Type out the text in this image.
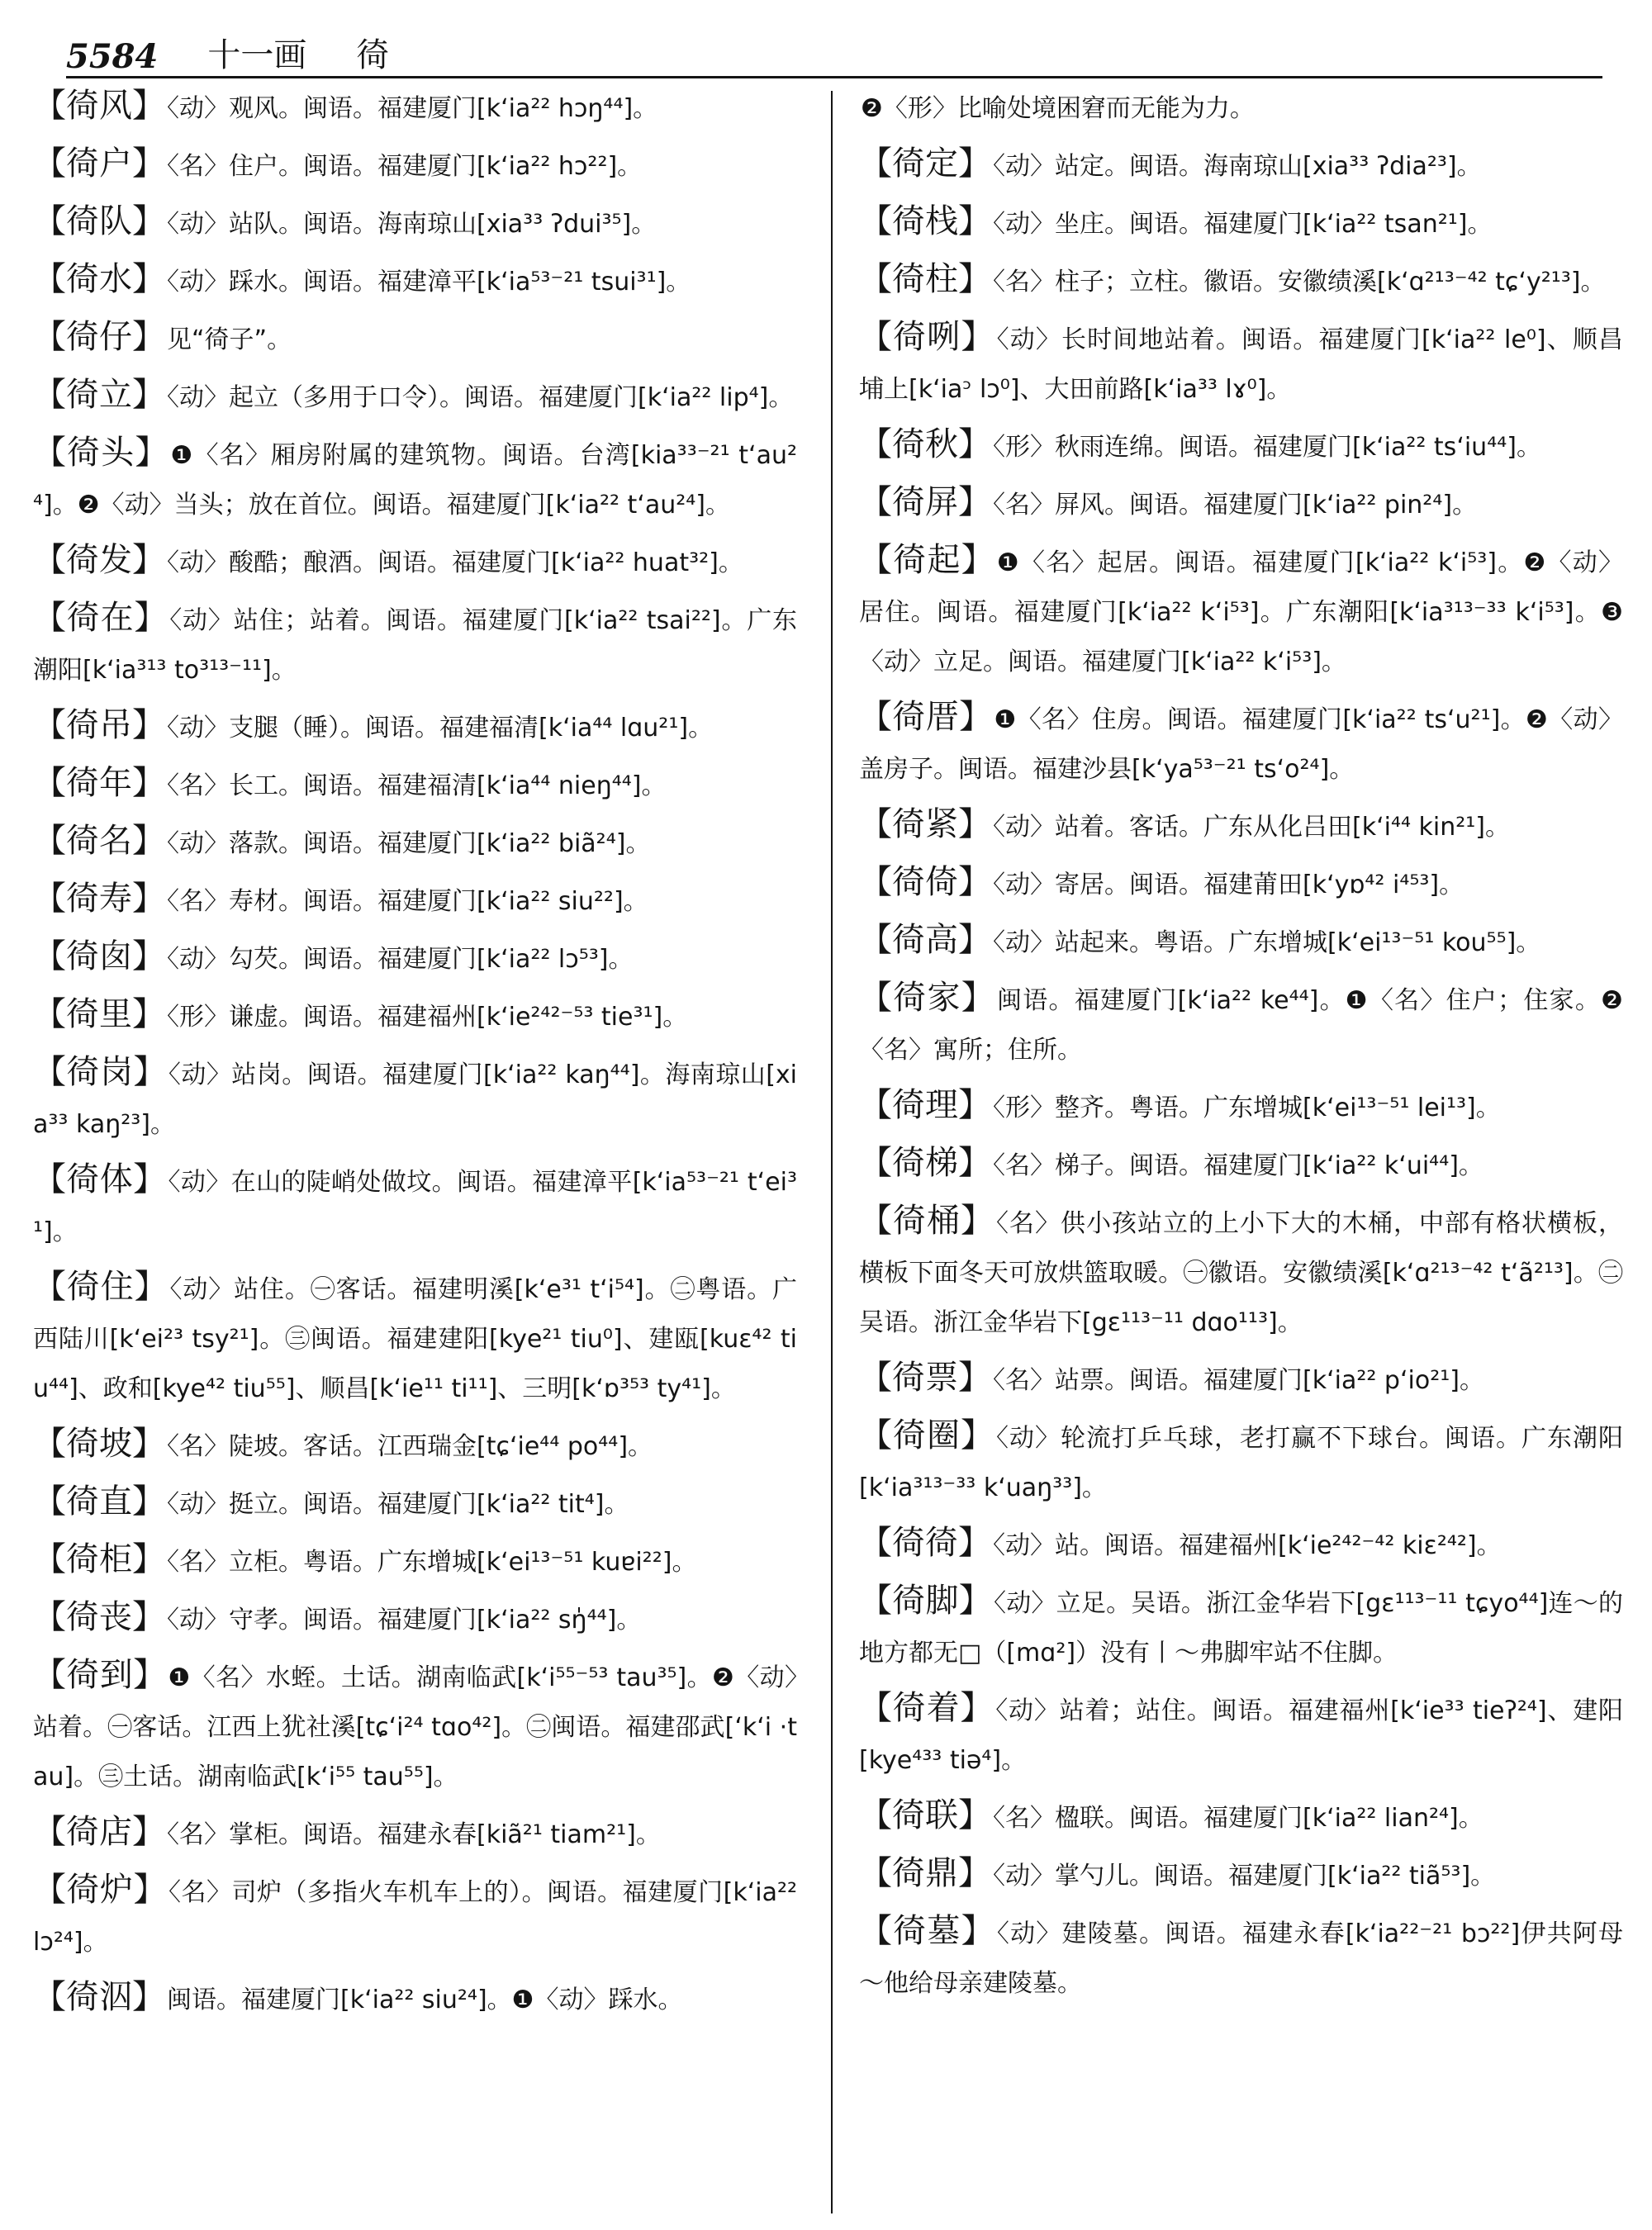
5584 十一画 徛

【徛风】〈动〉观风。闽语。福建厦门[k‘ia²² hɔŋ⁴⁴]。

【徛户】〈名〉住户。闽语。福建厦门[k‘ia²² hɔ²²]。

【徛队】〈动〉站队。闽语。海南琼山[xia³³ ʔdui³⁵]。

【徛水】〈动〉踩水。闽语。福建漳平[k‘ia⁵³⁻²¹ tsui³¹]。

【徛仔】见“徛子”。

【徛立】〈动〉起立（多用于口令）。闽语。福建厦门[k‘ia²² lip⁴]。

【徛头】❶〈名〉厢房附属的建筑物。闽语。台湾[kia³³⁻²¹ t‘au²⁴]。❷〈动〉当头；放在首位。闽语。福建厦门[k‘ia²² t‘au²⁴]。

【徛发】〈动〉酸酷；酿酒。闽语。福建厦门[k‘ia²² huat³²]。

【徛在】〈动〉站住；站着。闽语。福建厦门[k‘ia²² tsai²²]。广东潮阳[k‘ia³¹³ to³¹³⁻¹¹]。

【徛吊】〈动〉支腿（睡）。闽语。福建福清[k‘ia⁴⁴ lɑu²¹]。

【徛年】〈名〉长工。闽语。福建福清[k‘ia⁴⁴ nieŋ⁴⁴]。

【徛名】〈动〉落款。闽语。福建厦门[k‘ia²² biã²⁴]。

【徛寿】〈名〉寿材。闽语。福建厦门[k‘ia²² siu²²]。

【徛囱】〈动〉勾芡。闽语。福建厦门[k‘ia²² lɔ⁵³]。

【徛里】〈形〉谦虚。闽语。福建福州[k‘ie²⁴²⁻⁵³ tie³¹]。

【徛岗】〈动〉站岗。闽语。福建厦门[k‘ia²² kaŋ⁴⁴]。海南琼山[xia³³ kaŋ²³]。

【徛体】〈动〉在山的陡峭处做坟。闽语。福建漳平[k‘ia⁵³⁻²¹ t‘ei³¹]。

【徛住】〈动〉站住。㊀客话。福建明溪[k‘e³¹ t‘i⁵⁴]。㊁粤语。广西陆川[k‘ei²³ tsy²¹]。㊂闽语。福建建阳[kye²¹ tiu⁰]、建瓯[kuɛ⁴² tiu⁴⁴]、政和[kye⁴² tiu⁵⁵]、顺昌[k‘ie¹¹ ti¹¹]、三明[k‘ɒ³⁵³ ty⁴¹]。

【徛坡】〈名〉陡坡。客话。江西瑞金[tɕ‘ie⁴⁴ po⁴⁴]。

【徛直】〈动〉挺立。闽语。福建厦门[k‘ia²² tit⁴]。

【徛柜】〈名〉立柜。粤语。广东增城[k‘ei¹³⁻⁵¹ kuɐi²²]。

【徛丧】〈动〉守孝。闽语。福建厦门[k‘ia²² sŋ̍⁴⁴]。

【徛到】❶〈名〉水蛭。土话。湖南临武[k‘i⁵⁵⁻⁵³ tau³⁵]。❷〈动〉站着。㊀客话。江西上犹社溪[tɕ‘i²⁴ tɑo⁴²]。㊁闽语。福建邵武[‘k‘i ·tau]。㊂土话。湖南临武[k‘i⁵⁵ tau⁵⁵]。

【徛店】〈名〉掌柜。闽语。福建永春[kiã²¹ tiam²¹]。

【徛炉】〈名〉司炉（多指火车机车上的）。闽语。福建厦门[k‘ia²² lɔ²⁴]。

【徛泅】闽语。福建厦门[k‘ia²² siu²⁴]。❶〈动〉踩水。

❷〈形〉比喻处境困窘而无能为力。

【徛定】〈动〉站定。闽语。海南琼山[xia³³ ʔdia²³]。

【徛栈】〈动〉坐庄。闽语。福建厦门[k‘ia²² tsan²¹]。

【徛柱】〈名〉柱子；立柱。徽语。安徽绩溪[k‘ɑ²¹³⁻⁴² tɕ‘y²¹³]。

【徛咧】〈动〉长时间地站着。闽语。福建厦门[k‘ia²² le⁰]、顺昌埔上[k‘iaᵓ lɔ⁰]、大田前路[k‘ia³³ lɤ⁰]。

【徛秋】〈形〉秋雨连绵。闽语。福建厦门[k‘ia²² ts‘iu⁴⁴]。

【徛屏】〈名〉屏风。闽语。福建厦门[k‘ia²² pin²⁴]。

【徛起】❶〈名〉起居。闽语。福建厦门[k‘ia²² k‘i⁵³]。❷〈动〉居住。闽语。福建厦门[k‘ia²² k‘i⁵³]。广东潮阳[k‘ia³¹³⁻³³ k‘i⁵³]。❸〈动〉立足。闽语。福建厦门[k‘ia²² k‘i⁵³]。

【徛厝】❶〈名〉住房。闽语。福建厦门[k‘ia²² ts‘u²¹]。❷〈动〉盖房子。闽语。福建沙县[k‘ya⁵³⁻²¹ ts‘o²⁴]。

【徛紧】〈动〉站着。客话。广东从化吕田[k‘i⁴⁴ kin²¹]。

【徛倚】〈动〉寄居。闽语。福建莆田[k‘yɒ⁴² i⁴⁵³]。

【徛高】〈动〉站起来。粤语。广东增城[k‘ei¹³⁻⁵¹ kou⁵⁵]。

【徛家】闽语。福建厦门[k‘ia²² ke⁴⁴]。❶〈名〉住户；住家。❷〈名〉寓所；住所。

【徛理】〈形〉整齐。粤语。广东增城[k‘ei¹³⁻⁵¹ lei¹³]。

【徛梯】〈名〉梯子。闽语。福建厦门[k‘ia²² k‘ui⁴⁴]。

【徛桶】〈名〉供小孩站立的上小下大的木桶，中部有格状横板，横板下面冬天可放烘篮取暖。㊀徽语。安徽绩溪[k‘ɑ²¹³⁻⁴² t‘ã²¹³]。㊁吴语。浙江金华岩下[gɛ¹¹³⁻¹¹ dɑo¹¹³]。

【徛票】〈名〉站票。闽语。福建厦门[k‘ia²² p‘io²¹]。

【徛圈】〈动〉轮流打乒乓球，老打赢不下球台。闽语。广东潮阳[k‘ia³¹³⁻³³ k‘uaŋ³³]。

【徛徛】〈动〉站。闽语。福建福州[k‘ie²⁴²⁻⁴² kiɛ²⁴²]。

【徛脚】〈动〉立足。吴语。浙江金华岩下[gɛ¹¹³⁻¹¹ tɕyo⁴⁴]连～的地方都无□（[mɑ²]）没有丨～弗脚牢站不住脚。

【徛着】〈动〉站着；站住。闽语。福建福州[k‘ie³³ tieʔ²⁴]、建阳[kye⁴³³ tiə⁴]。

【徛联】〈名〉楹联。闽语。福建厦门[k‘ia²² lian²⁴]。

【徛鼎】〈动〉掌勺儿。闽语。福建厦门[k‘ia²² tiã⁵³]。

【徛墓】〈动〉建陵墓。闽语。福建永春[k‘ia²²⁻²¹ bɔ²²]伊共阿母～他给母亲建陵墓。
